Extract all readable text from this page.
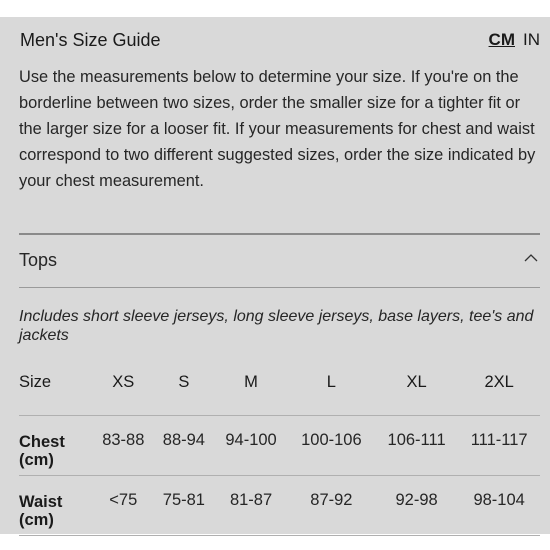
Men's Size Guide	CM IN

Use the measurements below to determine your size. If you're on the borderline between two sizes, order the smaller size for a tighter fit or the larger size for a looser fit. If your measurements for chest and waist correspond to two different suggested sizes, order the size indicated by your chest measurement.

Tops

Includes short sleeve jerseys, long sleeve jerseys, base layers, tee's and jackets

Size	XS	S	M	L	XL	2XL
Chest
(cm)	83-88	88-94	94-100	100-106	106-111	111-117
Waist
(cm)	<75	75-81	81-87	87-92	92-98	98-104
